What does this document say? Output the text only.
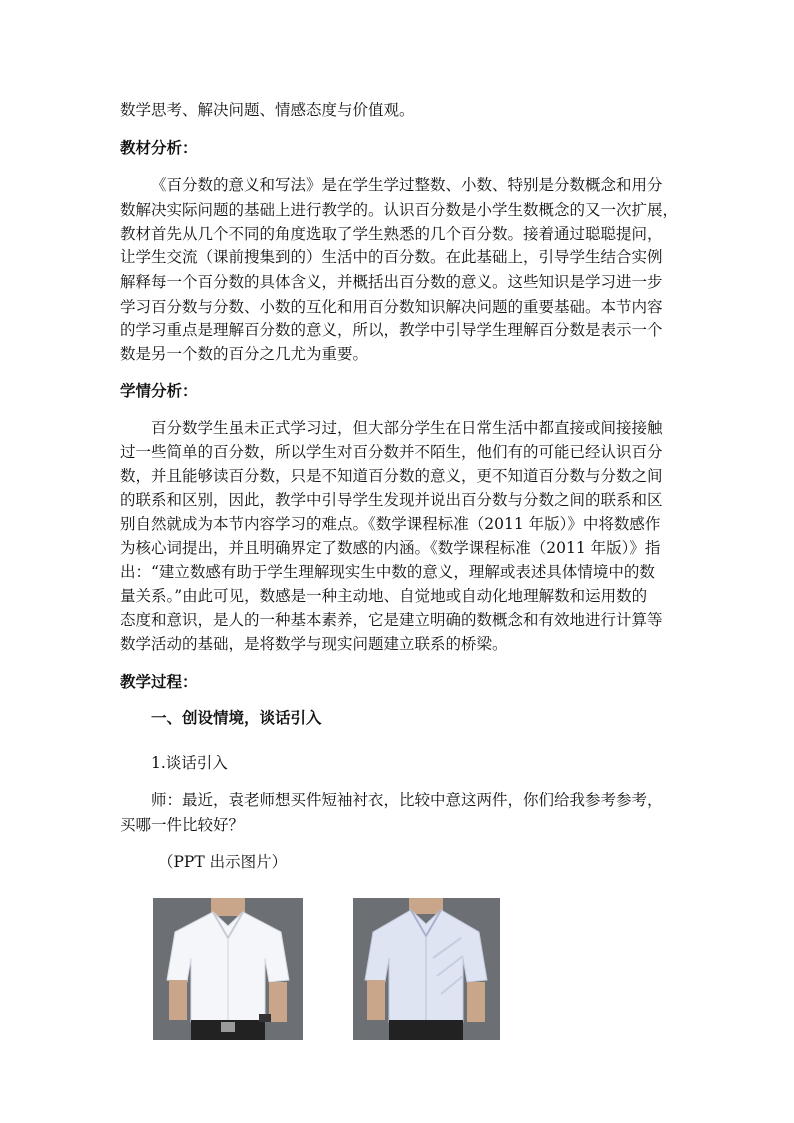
数学思考、解决问题、情感态度与价值观。
教材分析：
《百分数的意义和写法》是在学生学过整数、小数、特别是分数概念和用分
数解决实际问题的基础上进行教学的。认识百分数是小学生数概念的又一次扩展，
教材首先从几个不同的角度选取了学生熟悉的几个百分数。接着通过聪聪提问，
让学生交流（课前搜集到的）生活中的百分数。在此基础上，引导学生结合实例
解释每一个百分数的具体含义，并概括出百分数的意义。这些知识是学习进一步
学习百分数与分数、小数的互化和用百分数知识解决问题的重要基础。本节内容
的学习重点是理解百分数的意义，所以，教学中引导学生理解百分数是表示一个
数是另一个数的百分之几尤为重要。
学情分析：
百分数学生虽未正式学习过，但大部分学生在日常生活中都直接或间接接触
过一些简单的百分数，所以学生对百分数并不陌生，他们有的可能已经认识百分
数，并且能够读百分数，只是不知道百分数的意义，更不知道百分数与分数之间
的联系和区别，因此，教学中引导学生发现并说出百分数与分数之间的联系和区
别自然就成为本节内容学习的难点。《数学课程标准（2011 年版）》中将数感作
为核心词提出，并且明确界定了数感的内涵。《数学课程标准（2011 年版）》指
出：“建立数感有助于学生理解现实生中数的意义，理解或表述具体情境中的数
量关系。”由此可见，数感是一种主动地、自觉地或自动化地理解数和运用数的
态度和意识，是人的一种基本素养，它是建立明确的数概念和有效地进行计算等
数学活动的基础，是将数学与现实问题建立联系的桥梁。
教学过程：
一、创设情境，谈话引入
1.谈话引入
师：最近，袁老师想买件短袖衬衣，比较中意这两件，你们给我参考参考，
买哪一件比较好？
（PPT 出示图片）
